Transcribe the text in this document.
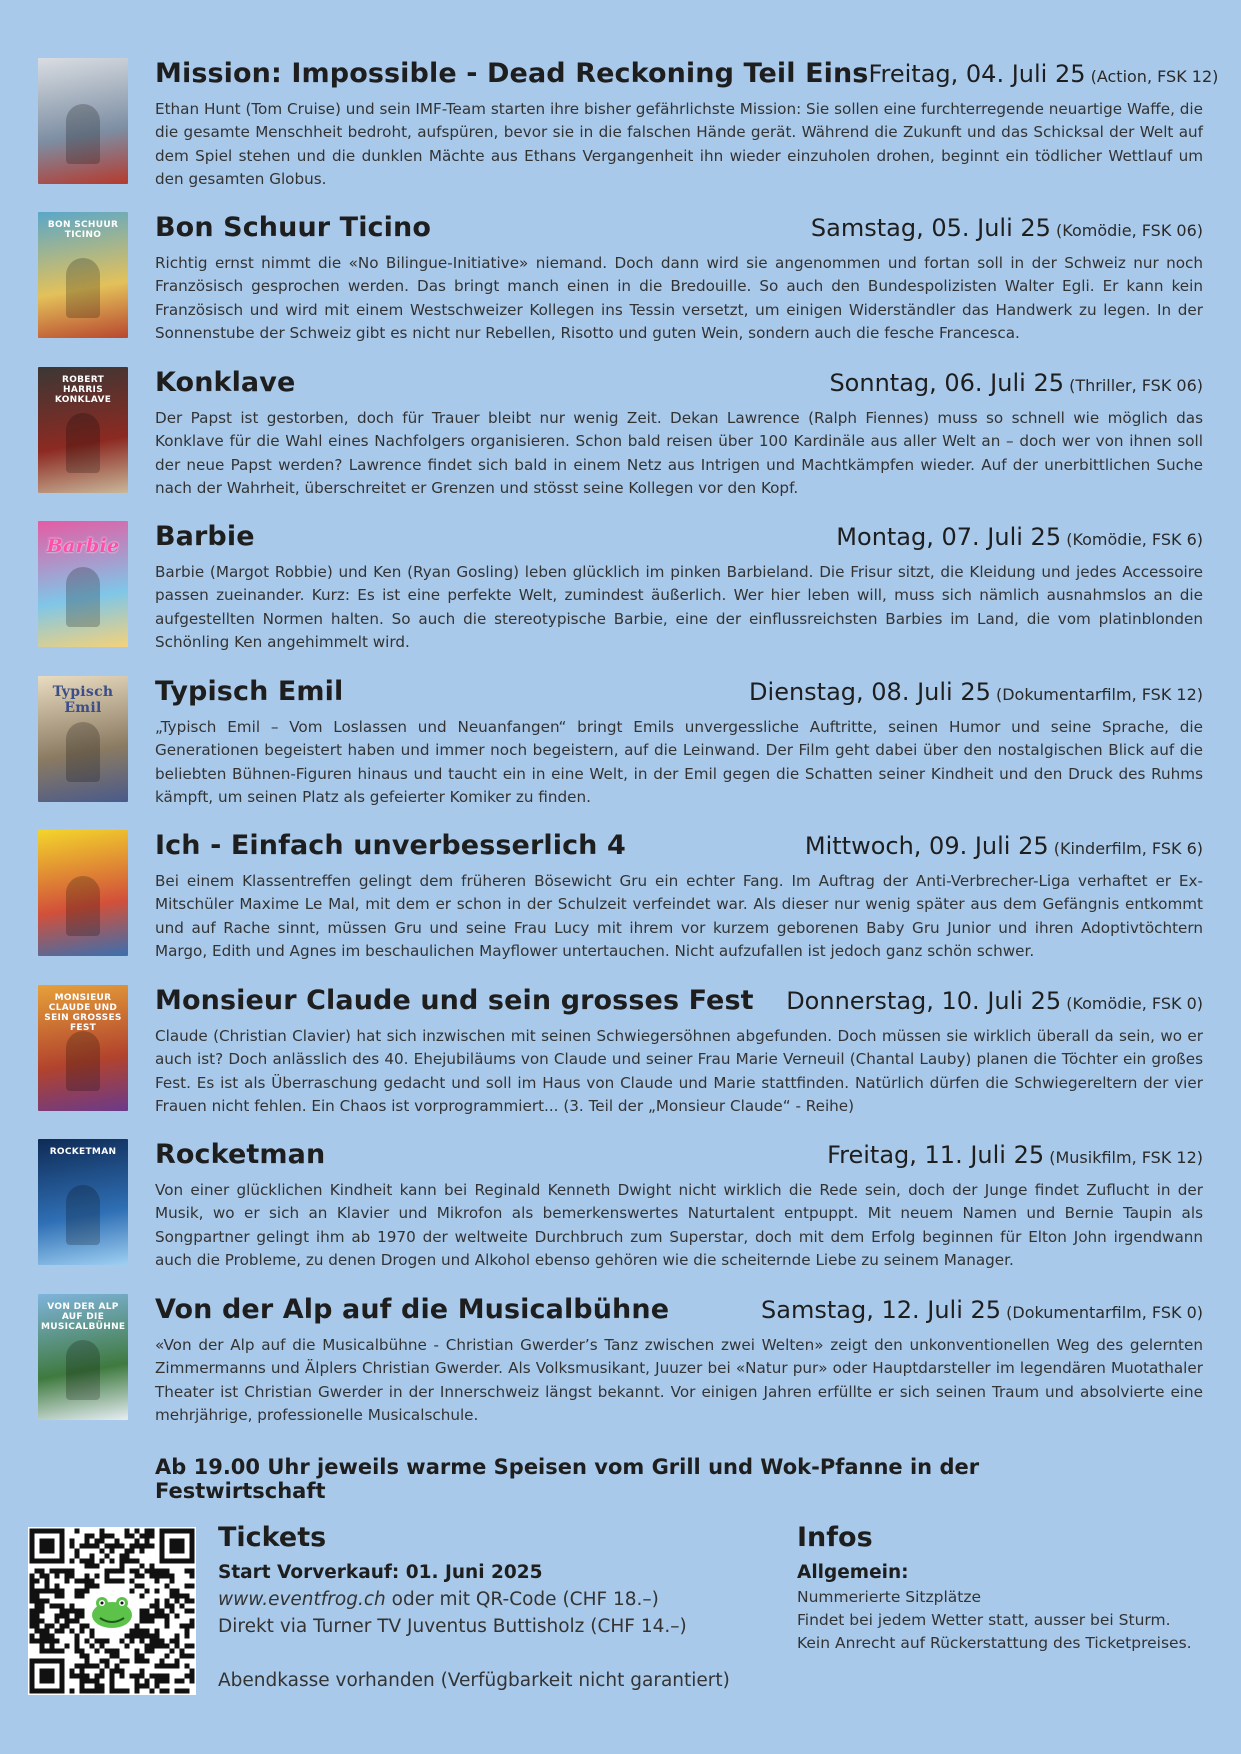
Mission: Impossible - Dead Reckoning Teil Eins Freitag, 04. Juli 25 (Action, FSK 12)
Ethan Hunt (Tom Cruise) und sein IMF-Team starten ihre bisher gefährlichste Mission: Sie sollen eine furchterregende neuartige Waffe, die die gesamte Menschheit bedroht, aufspüren, bevor sie in die falschen Hände gerät. Während die Zukunft und das Schicksal der Welt auf dem Spiel stehen und die dunklen Mächte aus Ethans Vergangenheit ihn wieder einzuholen drohen, beginnt ein tödlicher Wettlauf um den gesamten Globus.
BON SCHUUR TICINO	Bon Schuur Ticino	Samstag, 05. Juli 25 (Komödie, FSK 06)
Richtig ernst nimmt die «No Bilingue-Initiative» niemand. Doch dann wird sie angenommen und fortan soll in der Schweiz nur noch Französisch gesprochen werden. Das bringt manch einen in die Bredouille. So auch den Bundespolizisten Walter Egli. Er kann kein Französisch und wird mit einem Westschweizer Kollegen ins Tessin versetzt, um einigen Widerständler das Handwerk zu legen. In der Sonnenstube der Schweiz gibt es nicht nur Rebellen, Risotto und guten Wein, sondern auch die fesche Francesca.
ROBERT HARRIS KONKLAVE
Konklave	Sonntag, 06. Juli 25 (Thriller, FSK 06)
Der Papst ist gestorben, doch für Trauer bleibt nur wenig Zeit. Dekan Lawrence (Ralph Fiennes) muss so schnell wie möglich das Konklave für die Wahl eines Nachfolgers organisieren. Schon bald reisen über 100 Kardinäle aus aller Welt an – doch wer von ihnen soll der neue Papst werden? Lawrence findet sich bald in einem Netz aus Intrigen und Machtkämpfen wieder. Auf der unerbittlichen Suche nach der Wahrheit, überschreitet er Grenzen und stösst seine Kollegen vor den Kopf.
Barbie Barbie	Montag, 07. Juli 25 (Komödie, FSK 6)
Barbie (Margot Robbie) und Ken (Ryan Gosling) leben glücklich im pinken Barbieland. Die Frisur sitzt, die Kleidung und jedes Accessoire passen zueinander. Kurz: Es ist eine perfekte Welt, zumindest äußerlich. Wer hier leben will, muss sich nämlich ausnahmslos an die aufgestellten Normen halten. So auch die stereotypische Barbie, eine der einflussreichsten Barbies im Land, die vom platinblonden Schönling Ken angehimmelt wird.
Typisch Emil
Typisch Emil	Dienstag, 08. Juli 25 (Dokumentarfilm, FSK 12)
„Typisch Emil – Vom Loslassen und Neuanfangen“ bringt Emils unvergessliche Auftritte, seinen Humor und seine Sprache, die Generationen begeistert haben und immer noch begeistern, auf die Leinwand. Der Film geht dabei über den nostalgischen Blick auf die beliebten Bühnen-Figuren hinaus und taucht ein in eine Welt, in der Emil gegen die Schatten seiner Kindheit und den Druck des Ruhms kämpft, um seinen Platz als gefeierter Komiker zu finden.
Ich - Einfach unverbesserlich 4	Mittwoch, 09. Juli 25 (Kinderfilm, FSK 6)
Bei einem Klassentreffen gelingt dem früheren Bösewicht Gru ein echter Fang. Im Auftrag der Anti-Verbrecher-Liga verhaftet er Ex-Mitschüler Maxime Le Mal, mit dem er schon in der Schulzeit verfeindet war. Als dieser nur wenig später aus dem Gefängnis entkommt und auf Rache sinnt, müssen Gru und seine Frau Lucy mit ihrem vor kurzem geborenen Baby Gru Junior und ihren Adoptivtöchtern Margo, Edith und Agnes im beschaulichen Mayflower untertauchen. Nicht aufzufallen ist jedoch ganz schön schwer.
MONSIEUR CLAUDE UND SEIN GROSSES FEST
Monsieur Claude und sein grosses Fest Donnerstag, 10. Juli 25 (Komödie, FSK 0)
Claude (Christian Clavier) hat sich inzwischen mit seinen Schwiegersöhnen abgefunden. Doch müssen sie wirklich überall da sein, wo er auch ist? Doch anlässlich des 40. Ehejubiläums von Claude und seiner Frau Marie Verneuil (Chantal Lauby) planen die Töchter ein großes Fest. Es ist als Überraschung gedacht und soll im Haus von Claude und Marie stattfinden. Natürlich dürfen die Schwiegereltern der vier Frauen nicht fehlen. Ein Chaos ist vorprogrammiert... (3. Teil der „Monsieur Claude“ - Reihe)
ROCKETMAN	Rocketman	Freitag, 11. Juli 25 (Musikfilm, FSK 12)
Von einer glücklichen Kindheit kann bei Reginald Kenneth Dwight nicht wirklich die Rede sein, doch der Junge findet Zuflucht in der Musik, wo er sich an Klavier und Mikrofon als bemerkenswertes Naturtalent entpuppt. Mit neuem Namen und Bernie Taupin als Songpartner gelingt ihm ab 1970 der weltweite Durchbruch zum Superstar, doch mit dem Erfolg beginnen für Elton John irgendwann auch die Probleme, zu denen Drogen und Alkohol ebenso gehören wie die scheiternde Liebe zu seinem Manager.
VON DER ALP AUF DIE MUSICALBÜHNE
Von der Alp auf die Musicalbühne	Samstag, 12. Juli 25 (Dokumentarfilm, FSK 0)
«Von der Alp auf die Musicalbühne - Christian Gwerder’s Tanz zwischen zwei Welten» zeigt den unkonventionellen Weg des gelernten Zimmermanns und Älplers Christian Gwerder. Als Volksmusikant, Juuzer bei «Natur pur» oder Hauptdarsteller im legendären Muotathaler Theater ist Christian Gwerder in der Innerschweiz längst bekannt. Vor einigen Jahren erfüllte er sich seinen Traum und absolvierte eine mehrjährige, professionelle Musicalschule.
Ab 19.00 Uhr jeweils warme Speisen vom Grill und Wok-Pfanne in der Festwirtschaft
Tickets
Start Vorverkauf: 01. Juni 2025
www.eventfrog.ch oder mit QR-Code (CHF 18.–)
Direkt via Turner TV Juventus Buttisholz (CHF 14.–)
Abendkasse vorhanden (Verfügbarkeit nicht garantiert)
Infos
Allgemein:
Nummerierte Sitzplätze
Findet bei jedem Wetter statt, ausser bei Sturm.
Kein Anrecht auf Rückerstattung des Ticketpreises.
